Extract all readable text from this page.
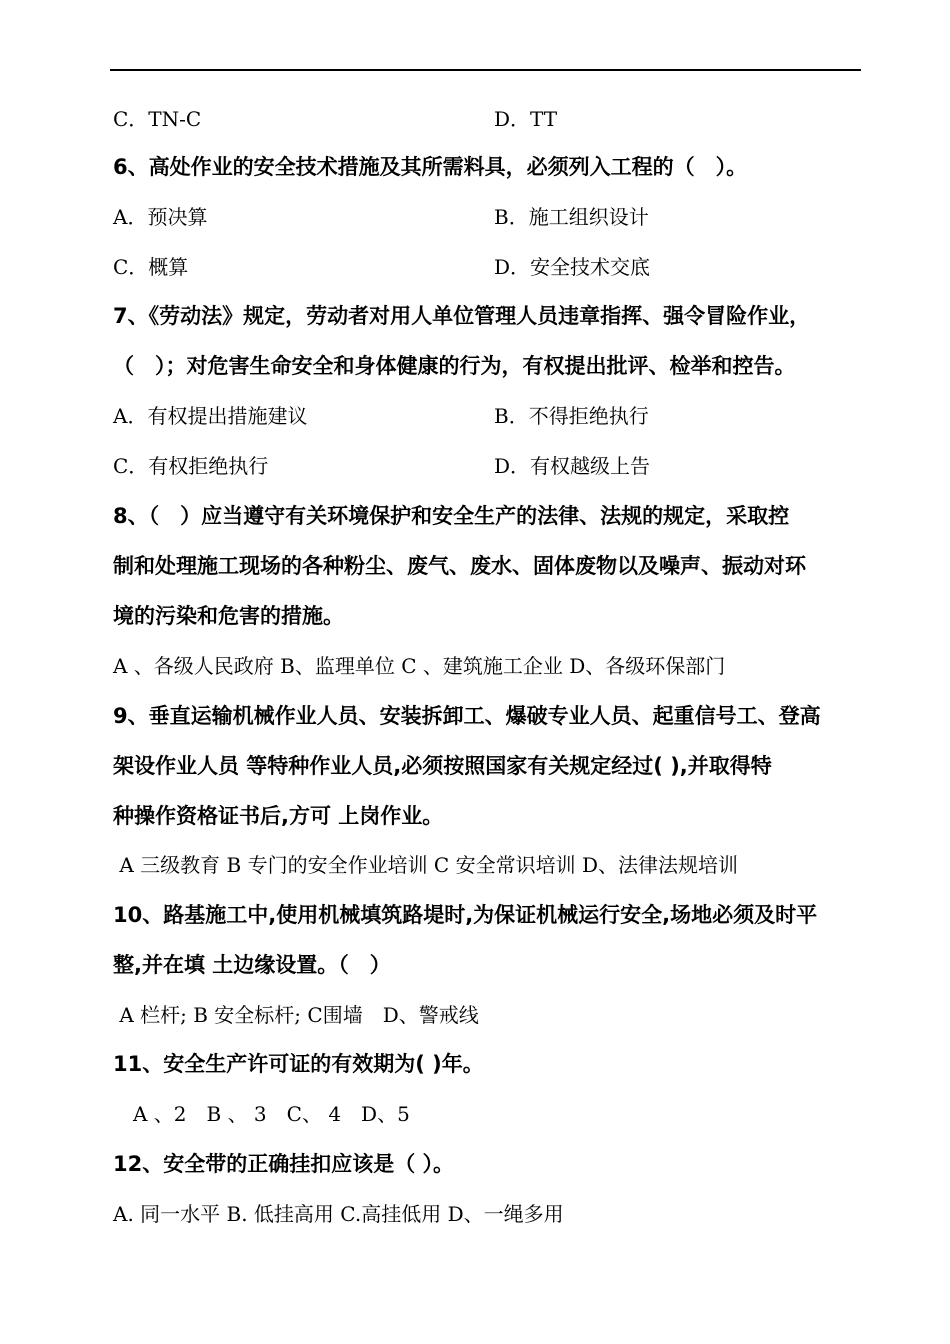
C．TN-C	D．TT
6、高处作业的安全技术措施及其所需料具，必须列入工程的（　）。
A．预决算	B．施工组织设计
C．概算	D．安全技术交底
7、《劳动法》规定，劳动者对用人单位管理人员违章指挥、强令冒险作业，
（　）；对危害生命安全和身体健康的行为，有权提出批评、检举和控告。
A．有权提出措施建议	B．不得拒绝执行
C．有权拒绝执行	D．有权越级上告
8、（　）应当遵守有关环境保护和安全生产的法律、法规的规定，采取控
制和处理施工现场的各种粉尘、废气、废水、固体废物以及噪声、振动对环
境的污染和危害的措施。
A 、各级人民政府 B、监理单位 C 、建筑施工企业 D、各级环保部门
9、垂直运输机械作业人员、安装拆卸工、爆破专业人员、起重信号工、登高
架设作业人员 等特种作业人员,必须按照国家有关规定经过( ),并取得特
种操作资格证书后,方可 上岗作业。
A 三级教育 B 专门的安全作业培训 C 安全常识培训 D、法律法规培训
10、路基施工中,使用机械填筑路堤时,为保证机械运行安全,场地必须及时平
整,并在填 土边缘设置。（　）
A 栏杆; B 安全标杆; C围墙　D、警戒线
11、安全生产许可证的有效期为( )年。
　A 、2　B 、 3　C、 4　D、5
12、安全带的正确挂扣应该是（ ）。
A. 同一水平 B. 低挂高用 C.高挂低用 D、一绳多用
